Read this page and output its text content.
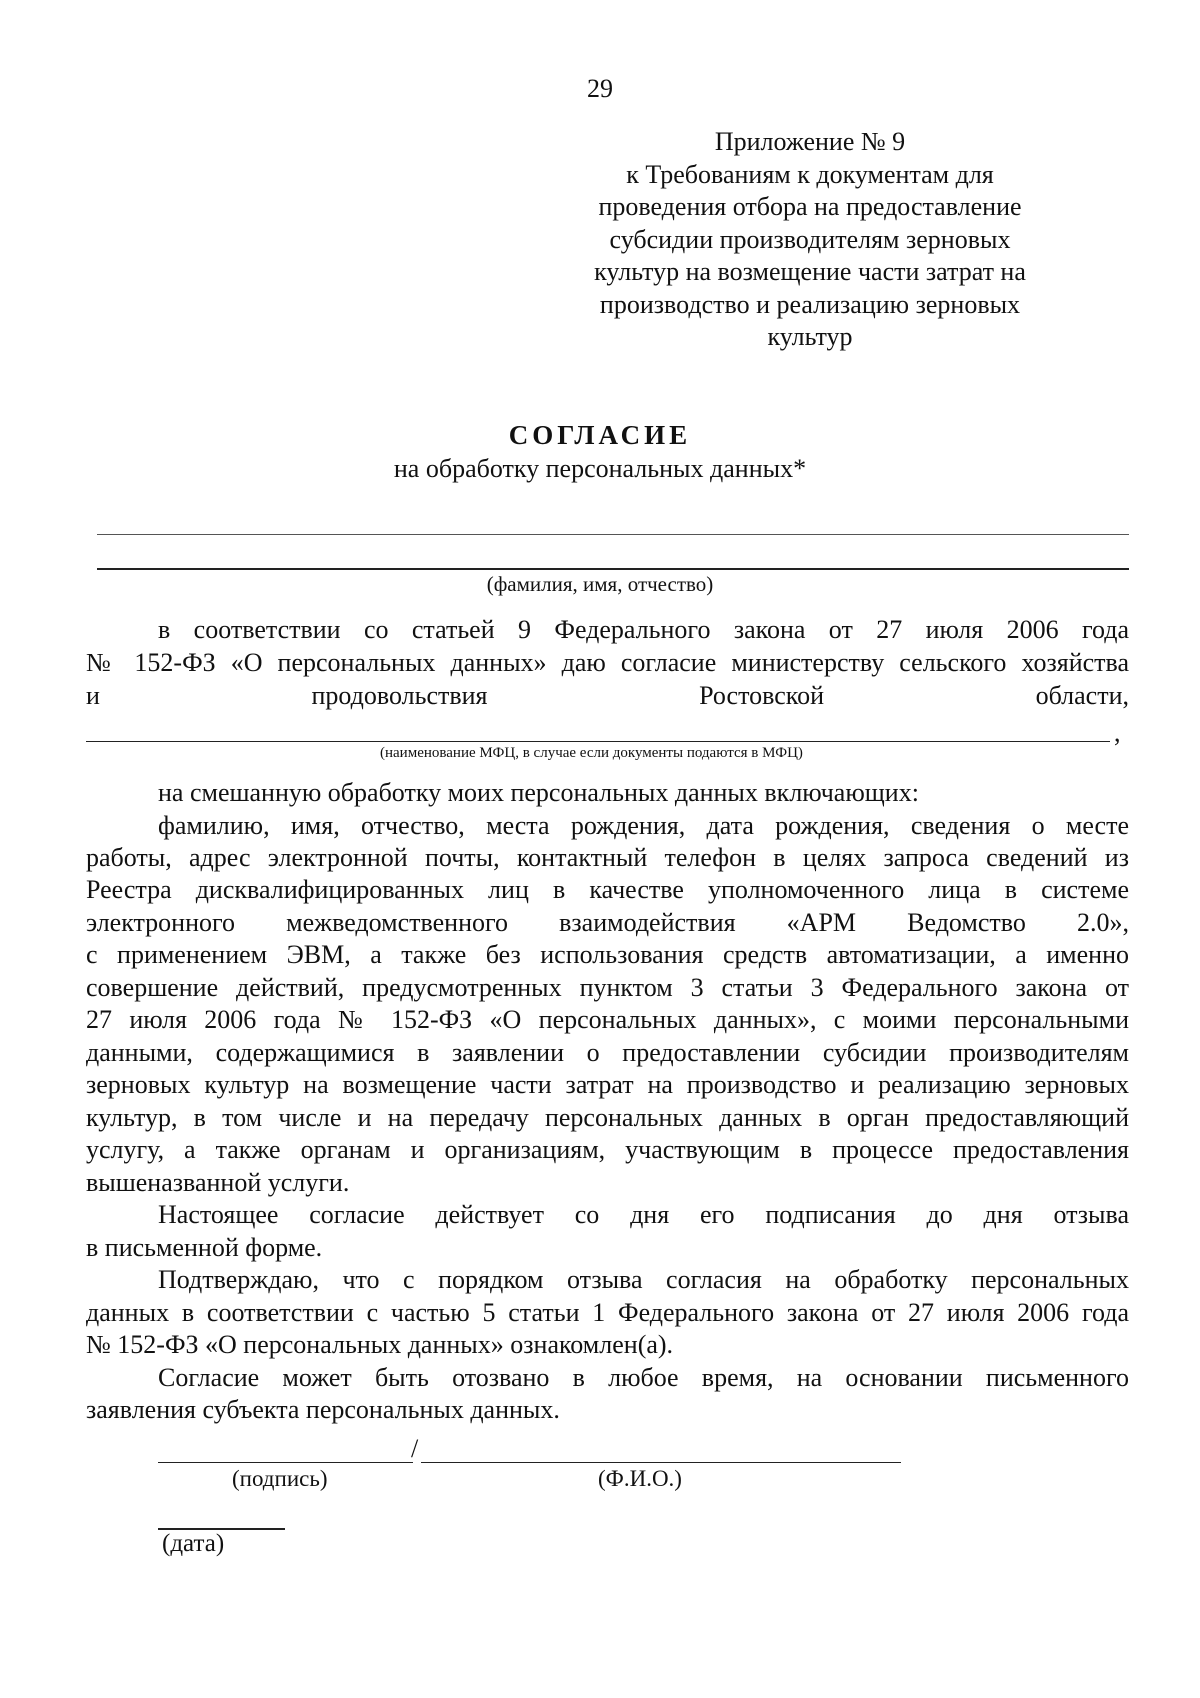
29
Приложение № 9
к Требованиям к документам для
проведения отбора на предоставление
субсидии производителям зерновых
культур на возмещение части затрат на
производство и реализацию зерновых
культур
СОГЛАСИЕ
на обработку персональных данных*
(фамилия, имя, отчество)
в соответствии со статьей 9 Федерального закона от 27 июля 2006 года
№ 152-ФЗ «О персональных данных» даю согласие министерству сельского хозяйства
и продовольствия Ростовской области,
,
(наименование МФЦ, в случае если документы подаются в МФЦ)
на смешанную обработку моих персональных данных включающих:
фамилию, имя, отчество, места рождения, дата рождения, сведения о месте
работы, адрес электронной почты, контактный телефон в целях запроса сведений из
Реестра дисквалифицированных лиц в качестве уполномоченного лица в системе
электронного межведомственного взаимодействия «АРМ Ведомство 2.0»,
с применением ЭВМ, а также без использования средств автоматизации, а именно
совершение действий, предусмотренных пунктом 3 статьи 3 Федерального закона от
27 июля 2006 года № 152-ФЗ «О персональных данных», с моими персональными
данными, содержащимися в заявлении о предоставлении субсидии производителям
зерновых культур на возмещение части затрат на производство и реализацию зерновых
культур, в том числе и на передачу персональных данных в орган предоставляющий
услугу, а также органам и организациям, участвующим в процессе предоставления
вышеназванной услуги.
Настоящее согласие действует со дня его подписания до дня отзыва
в письменной форме.
Подтверждаю, что с порядком отзыва согласия на обработку персональных
данных в соответствии с частью 5 статьи 1 Федерального закона от 27 июля 2006 года
№ 152-ФЗ «О персональных данных» ознакомлен(а).
Согласие может быть отозвано в любое время, на основании письменного
заявления субъекта персональных данных.
/
(подпись)	(Ф.И.О.)
(дата)
